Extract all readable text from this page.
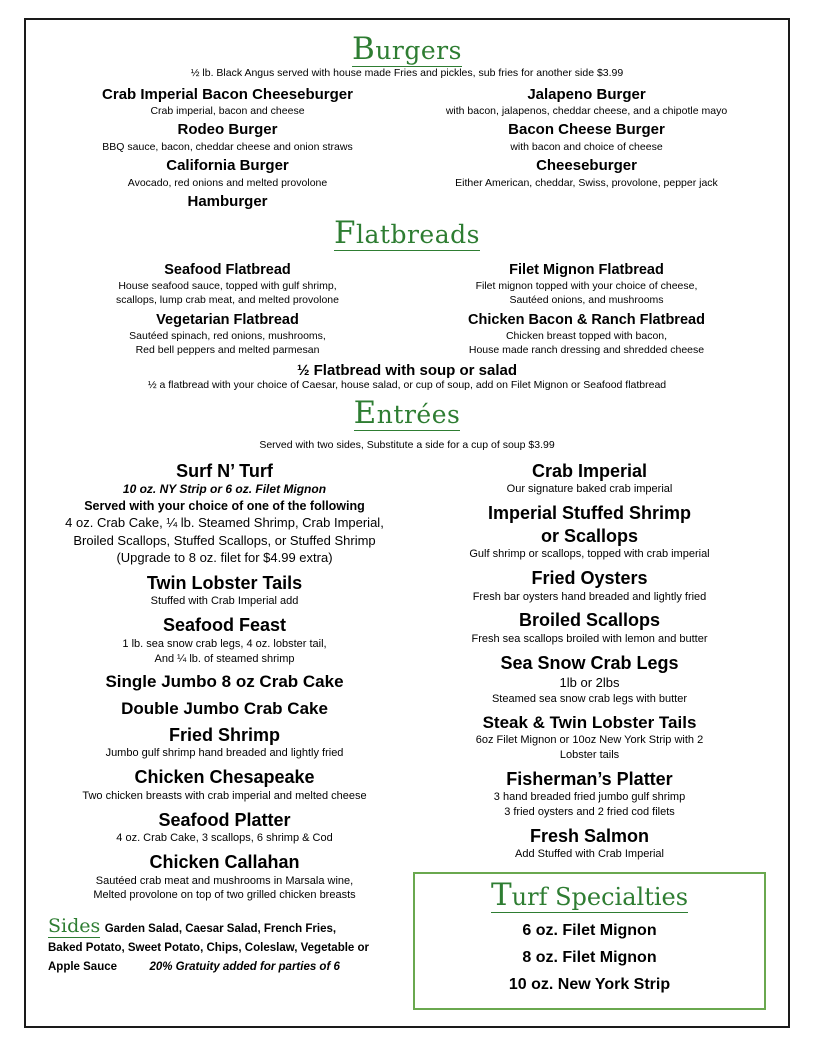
Burgers
½ lb. Black Angus served with house made Fries and pickles, sub fries for another side $3.99
Crab Imperial Bacon Cheeseburger
Crab imperial, bacon and cheese
Rodeo Burger
BBQ sauce, bacon, cheddar cheese and onion straws
California Burger
Avocado, red onions and melted provolone
Hamburger
Jalapeno Burger
with bacon, jalapenos, cheddar cheese, and a chipotle mayo
Bacon Cheese Burger
with bacon and choice of cheese
Cheeseburger
Either American, cheddar, Swiss, provolone, pepper jack
Flatbreads
Seafood Flatbread
House seafood sauce, topped with gulf shrimp,
scallops, lump crab meat, and melted provolone
Vegetarian Flatbread
Sautéed spinach, red onions, mushrooms,
Red bell peppers and melted parmesan
Filet Mignon Flatbread
Filet mignon topped with your choice of cheese,
Sautéed onions, and mushrooms
Chicken Bacon & Ranch Flatbread
Chicken breast topped with bacon,
House made ranch dressing and shredded cheese
½ Flatbread with soup or salad
½ a flatbread with your choice of Caesar, house salad, or cup of soup, add on Filet Mignon or Seafood flatbread
Entrées
Served with two sides, Substitute a side for a cup of soup $3.99
Surf N’ Turf
10 oz. NY Strip or 6 oz. Filet Mignon
Served with your choice of one of the following
4 oz. Crab Cake, ¼ lb. Steamed Shrimp, Crab Imperial,
Broiled Scallops, Stuffed Scallops, or Stuffed Shrimp
(Upgrade to 8 oz. filet for $4.99 extra)
Twin Lobster Tails
Stuffed with Crab Imperial add
Seafood Feast
1 lb. sea snow crab legs, 4 oz. lobster tail,
And ¼ lb. of steamed shrimp
Single Jumbo 8 oz Crab Cake
Double Jumbo Crab Cake
Fried Shrimp
Jumbo gulf shrimp hand breaded and lightly fried
Chicken Chesapeake
Two chicken breasts with crab imperial and melted cheese
Seafood Platter
4 oz. Crab Cake, 3 scallops, 6 shrimp & Cod
Chicken Callahan
Sautéed crab meat and mushrooms in Marsala wine,
Melted provolone on top of two grilled chicken breasts
Sides Garden Salad, Caesar Salad, French Fries,
Baked Potato, Sweet Potato, Chips, Coleslaw, Vegetable or
Apple Sauce	20% Gratuity added for parties of 6
Crab Imperial
Our signature baked crab imperial
Imperial Stuffed Shrimp
or Scallops
Gulf shrimp or scallops, topped with crab imperial
Fried Oysters
Fresh bar oysters hand breaded and lightly fried
Broiled Scallops
Fresh sea scallops broiled with lemon and butter
Sea Snow Crab Legs
1lb or 2lbs
Steamed sea snow crab legs with butter
Steak & Twin Lobster Tails
6oz Filet Mignon or 10oz New York Strip with 2
Lobster tails
Fisherman’s Platter
3 hand breaded fried jumbo gulf shrimp
3 fried oysters and 2 fried cod filets
Fresh Salmon
Add Stuffed with Crab Imperial
Turf Specialties
6 oz. Filet Mignon
8 oz. Filet Mignon
10 oz. New York Strip
